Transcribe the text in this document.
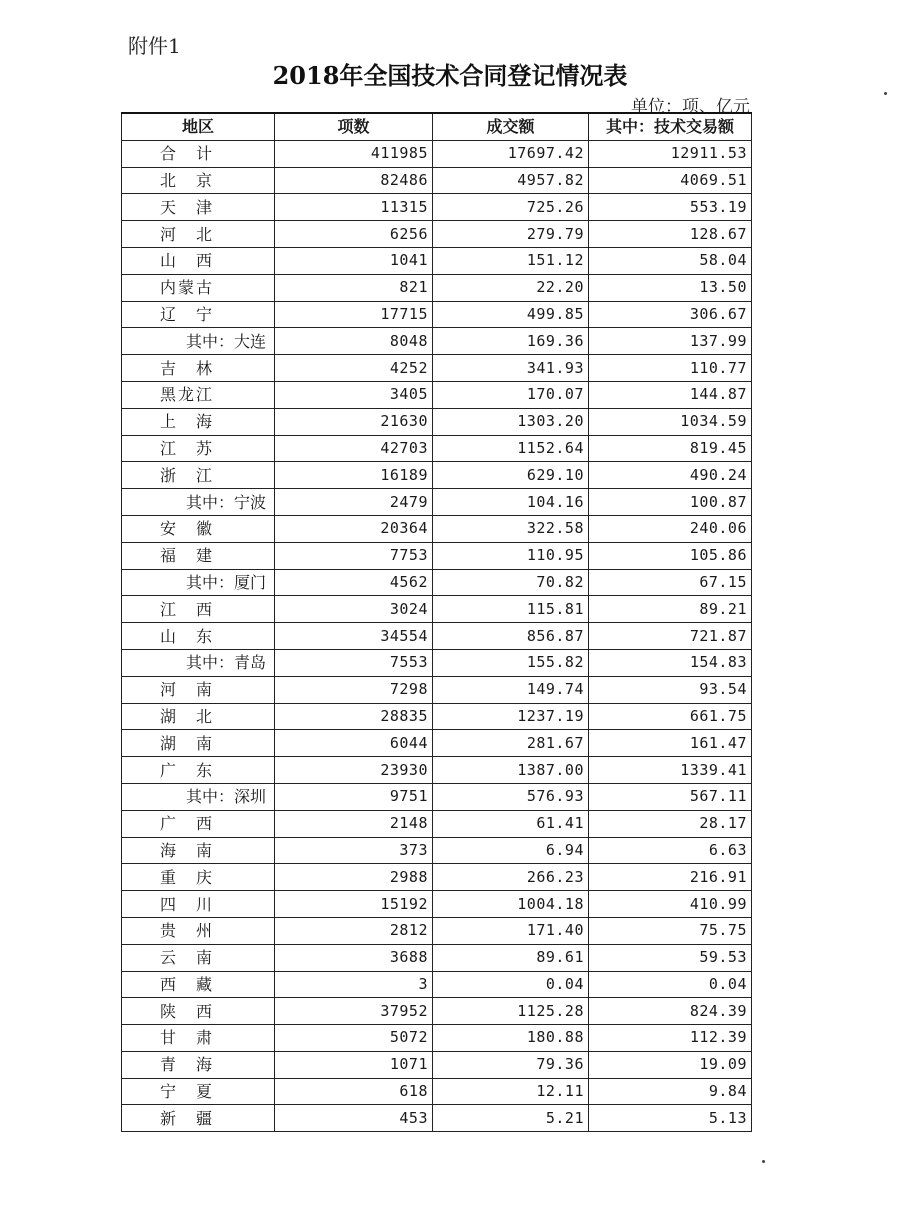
附件1
2018年全国技术合同登记情况表
单位：项、亿元
地区	项数	成交额	其中：技术交易额
合　计	411985	17697.42	12911.53
北　京	82486	4957.82	4069.51
天　津	11315	725.26	553.19
河　北	6256	279.79	128.67
山　西	1041	151.12	58.04
内蒙古	821	22.20	13.50
辽　宁	17715	499.85	306.67
其中：大连	8048	169.36	137.99
吉　林	4252	341.93	110.77
黑龙江	3405	170.07	144.87
上　海	21630	1303.20	1034.59
江　苏	42703	1152.64	819.45
浙　江	16189	629.10	490.24
其中：宁波	2479	104.16	100.87
安　徽	20364	322.58	240.06
福　建	7753	110.95	105.86
其中：厦门	4562	70.82	67.15
江　西	3024	115.81	89.21
山　东	34554	856.87	721.87
其中：青岛	7553	155.82	154.83
河　南	7298	149.74	93.54
湖　北	28835	1237.19	661.75
湖　南	6044	281.67	161.47
广　东	23930	1387.00	1339.41
其中：深圳	9751	576.93	567.11
广　西	2148	61.41	28.17
海　南	373	6.94	6.63
重　庆	2988	266.23	216.91
四　川	15192	1004.18	410.99
贵　州	2812	171.40	75.75
云　南	3688	89.61	59.53
西　藏	3	0.04	0.04
陕　西	37952	1125.28	824.39
甘　肃	5072	180.88	112.39
青　海	1071	79.36	19.09
宁　夏	618	12.11	9.84
新　疆	453	5.21	5.13
